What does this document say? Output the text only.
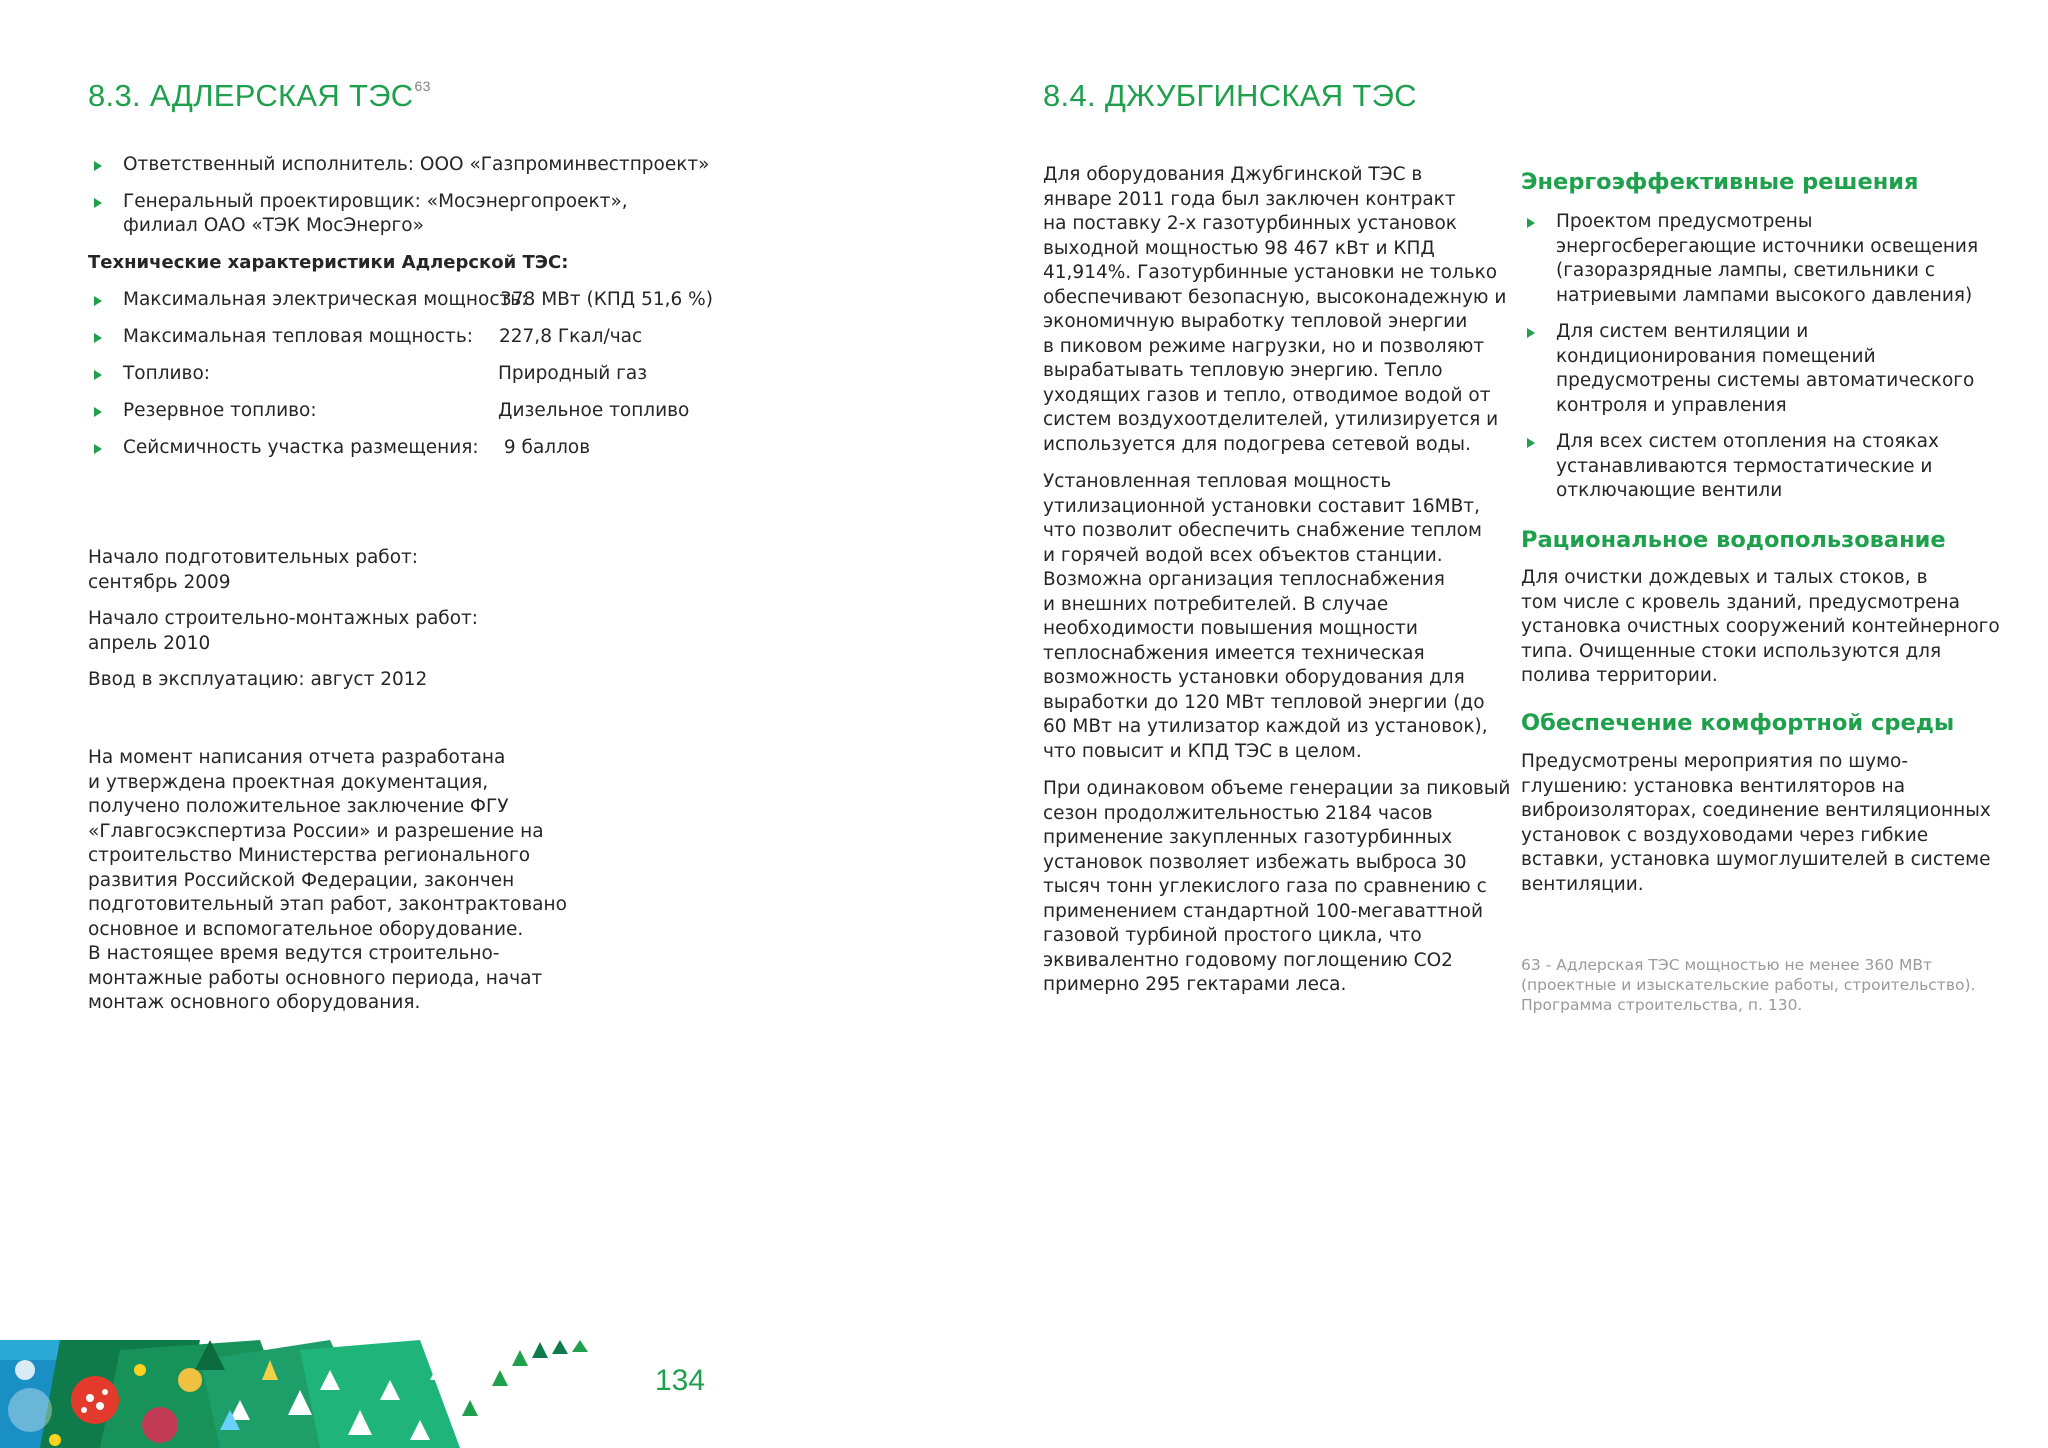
8.3. АДЛЕРСКАЯ ТЭС$^{63}$
Ответственный исполнитель: ООО «Газпроминвестпроект»
Генеральный проектировщик: «Мосэнергопроект», филиал ОАО «ТЭК МосЭнерго»

Технические характеристики Адлерской ТЭС:

Максимальная электрическая мощность:
378 МВт (КПД 51,6 %)
Максимальная тепловая мощность: 227,8 Гкал/час
Топливо:	Природный газ
Резервное топливо:	Дизельное топливо
Сейсмичность участка размещения: 9 баллов

Начало подготовительных работ:
сентябрь 2009

Начало строительно-монтажных работ:
апрель 2010

Ввод в эксплуатацию: август 2012

На момент написания отчета разработана
и утверждена проектная документация,
получено положительное заключение ФГУ
«Главгосэкспертиза России» и разрешение на
строительство Министерства регионального
развития Российской Федерации, закончен
подготовительный этап работ, законтрактовано
основное и вспомогательное оборудование.
В настоящее время ведутся строительно-
монтажные работы основного периода, начат
монтаж основного оборудования.
8.4. ДЖУБГИНСКАЯ ТЭС
Для оборудования Джубгинской ТЭС в
январе 2011 года был заключен контракт
на поставку 2-х газотурбинных установок
выходной мощностью 98 467 кВт и КПД
41,914%. Газотурбинные установки не только
обеспечивают безопасную, высоконадежную и
экономичную выработку тепловой энергии
в пиковом режиме нагрузки, но и позволяют
вырабатывать тепловую энергию. Тепло
уходящих газов и тепло, отводимое водой от
систем воздухоотделителей, утилизируется и
используется для подогрева сетевой воды.
Установленная тепловая мощность
утилизационной установки составит 16МВт,
что позволит обеспечить снабжение теплом
и горячей водой всех объектов станции.
Возможна организация теплоснабжения
и внешних потребителей. В случае
необходимости повышения мощности
теплоснабжения имеется техническая
возможность установки оборудования для
выработки до 120 МВт тепловой энергии (до
60 МВт на утилизатор каждой из установок),
что повысит и КПД ТЭС в целом.
При одинаковом объеме генерации за пиковый
сезон продолжительностью 2184 часов
применение закупленных газотурбинных
установок позволяет избежать выброса 30
тысяч тонн углекислого газа по сравнению с
применением стандартной 100-мегаваттной
газовой турбиной простого цикла, что
эквивалентно годовому поглощению СО2
примерно 295 гектарами леса.
Энергоэффективные решения
Проектом предусмотрены
энергосберегающие источники освещения
(газоразрядные лампы, светильники с
натриевыми лампами высокого давления)
Для систем вентиляции и
кондиционирования помещений
предусмотрены системы автоматического
контроля и управления
Для всех систем отопления на стояках
устанавливаются термостатические и
отключающие вентили
Рациональное водопользование
Для очистки дождевых и талых стоков, в
том числе с кровель зданий, предусмотрена
установка очистных сооружений контейнерного
типа. Очищенные стоки используются для
полива территории.
Обеспечение комфортной среды
Предусмотрены мероприятия по шумо-
глушению: установка вентиляторов на
виброизоляторах, соединение вентиляционных
установок с воздуховодами через гибкие
вставки, установка шумоглушителей в системе
вентиляции.
63 - Адлерская ТЭС мощностью не менее 360 МВт
(проектные и изыскательские работы, строительство).
Программа строительства, п. 130.
134
